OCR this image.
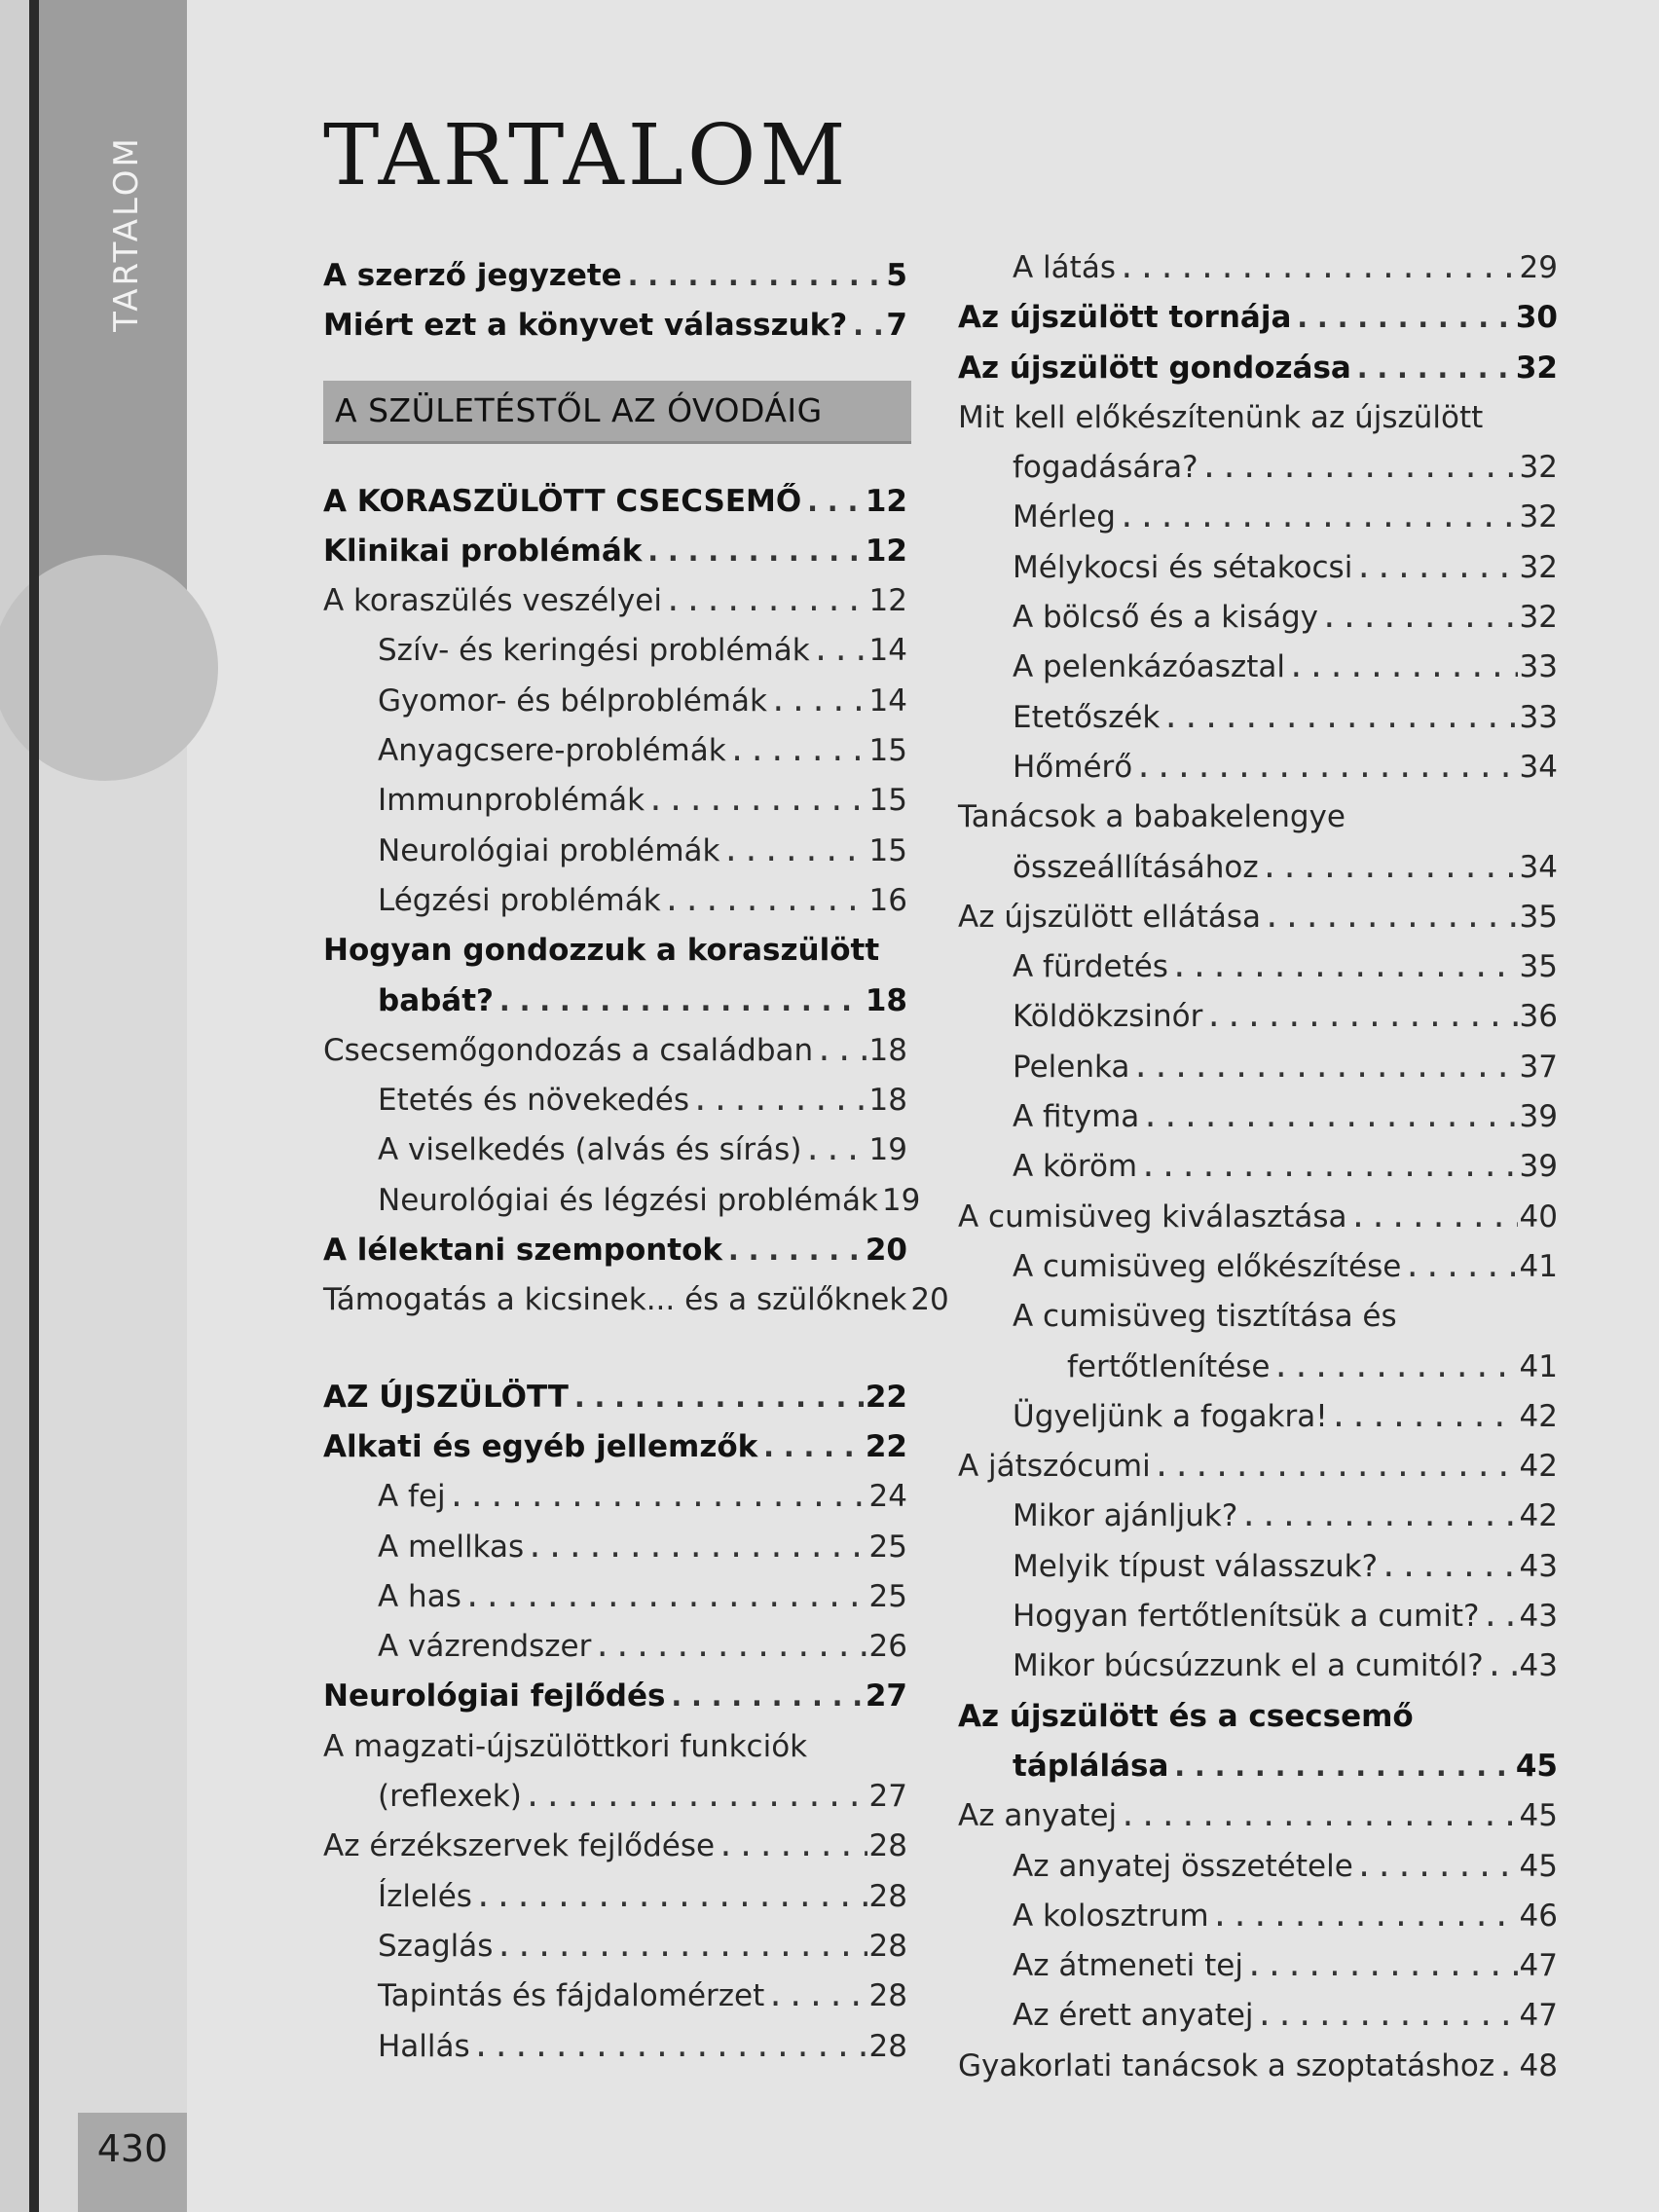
TARTALOM
430
TARTALOM
A szerző jegyzete .....	5
Miért ezt a könyvet válasszuk? ..... 7
A SZÜLETÉSTŐL AZ ÓVODÁIG
A KORASZÜLÖTT CSECSEMŐ ..... 12
Klinikai problémák .....	12
A koraszülés veszélyei .....	12
Szív- és keringési problémák ..... 14
Gyomor- és bélproblémák .....	14
Anyagcsere-problémák .....	15
Immunproblémák .....	15
Neurológiai problémák .....	15
Légzési problémák .....	16
Hogyan gondozzuk a koraszülött
babát? .....	18
Csecsemőgondozás a családban ..... 18
Etetés és növekedés .....	18
A viselkedés (alvás és sírás) ..... 19
Neurológiai és légzési problémák 19
A lélektani szempontok .....	20
Támogatás a kicsinek... és a szülőknek 20
AZ ÚJSZÜLÖTT .....	22
Alkati és egyéb jellemzők .....	22
A fej .....	24
A mellkas .....	25
A has .....	25
A vázrendszer .....	26
Neurológiai fejlődés .....	27
A magzati-újszülöttkori funkciók
(reflexek) .....	27
Az érzékszervek fejlődése .....	28
Ízlelés .....	28
Szaglás .....	28
Tapintás és fájdalomérzet .....	28
Hallás .....	28
A látás .....	29
Az újszülött tornája .....	30
Az újszülött gondozása .....	32
Mit kell előkészítenünk az újszülött
fogadására? .....	32
Mérleg .....	32
Mélykocsi és sétakocsi .....	32
A bölcső és a kiságy .....	32
A pelenkázóasztal .....	33
Etetőszék .....	33
Hőmérő .....	34
Tanácsok a babakelengye
összeállításához .....	34
Az újszülött ellátása .....	35
A fürdetés .....	35
Köldökzsinór .....	36
Pelenka .....	37
A fityma .....	39
A köröm .....	39
A cumisüveg kiválasztása .....	40
A cumisüveg előkészítése .....	41
A cumisüveg tisztítása és
fertőtlenítése .....	41
Ügyeljünk a fogakra! .....	42
A játszócumi .....	42
Mikor ajánljuk? .....	42
Melyik típust válasszuk? .....	43
Hogyan fertőtlenítsük a cumit? ..... 43
Mikor búcsúzzunk el a cumitól? ..... 43
Az újszülött és a csecsemő
táplálása .....	45
Az anyatej .....	45
Az anyatej összetétele .....	45
A kolosztrum .....	46
Az átmeneti tej .....	47
Az érett anyatej .....	47
Gyakorlati tanácsok a szoptatáshoz ..... 48
